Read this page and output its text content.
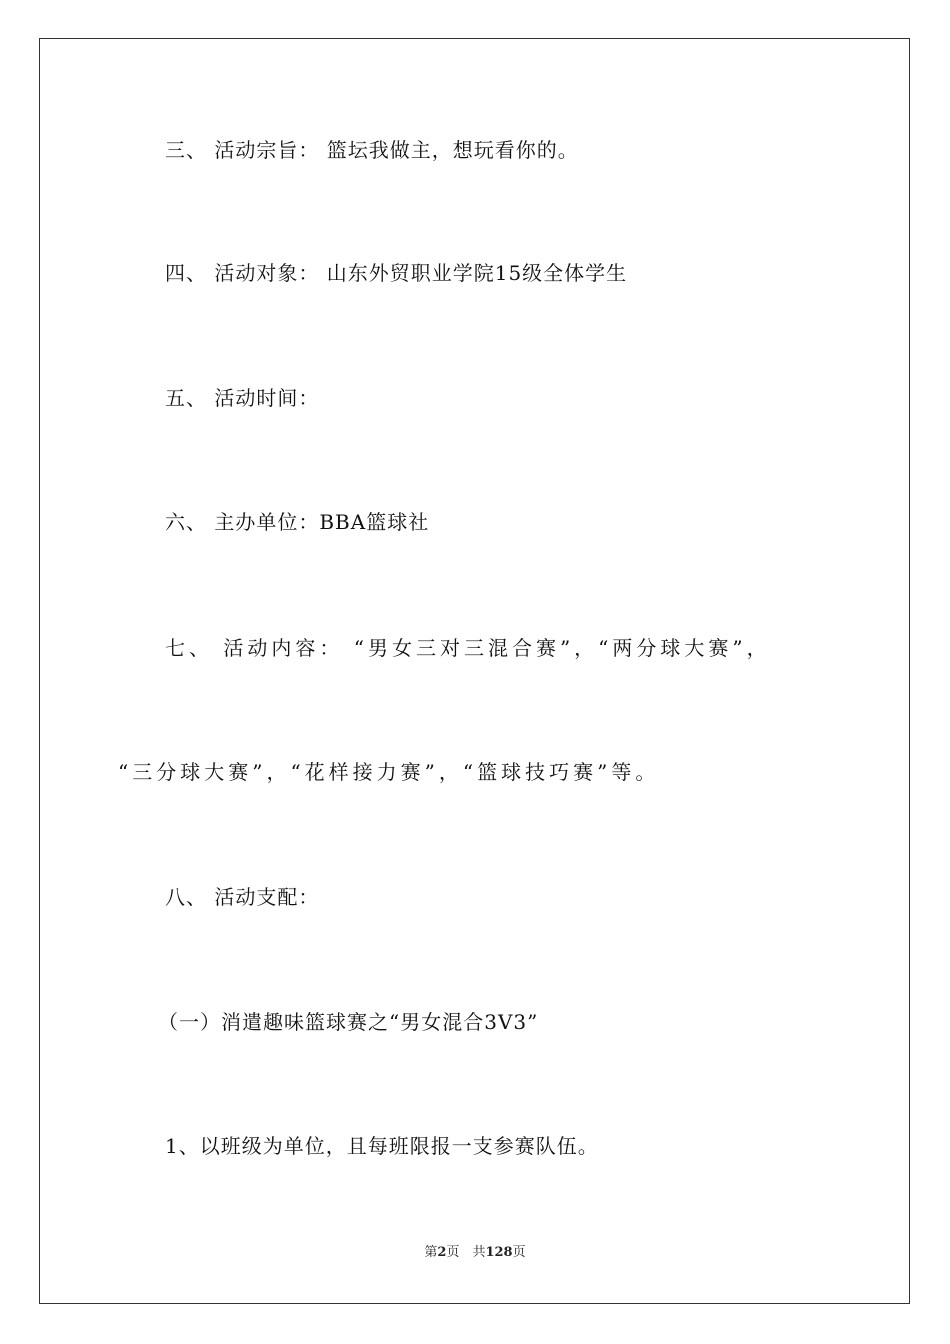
三、 活动宗旨： 篮坛我做主，想玩看你的。
四、 活动对象： 山东外贸职业学院15级全体学生
五、 活动时间：
六、 主办单位：BBA篮球社
七、 活动内容： “男女三对三混合赛”，“两分球大赛”，
“三分球大赛”，“花样接力赛”，“篮球技巧赛”等。
八、 活动支配：
（一）消遣趣味篮球赛之“男女混合3V3”
1、以班级为单位，且每班限报一支参赛队伍。
第2页　共128页
